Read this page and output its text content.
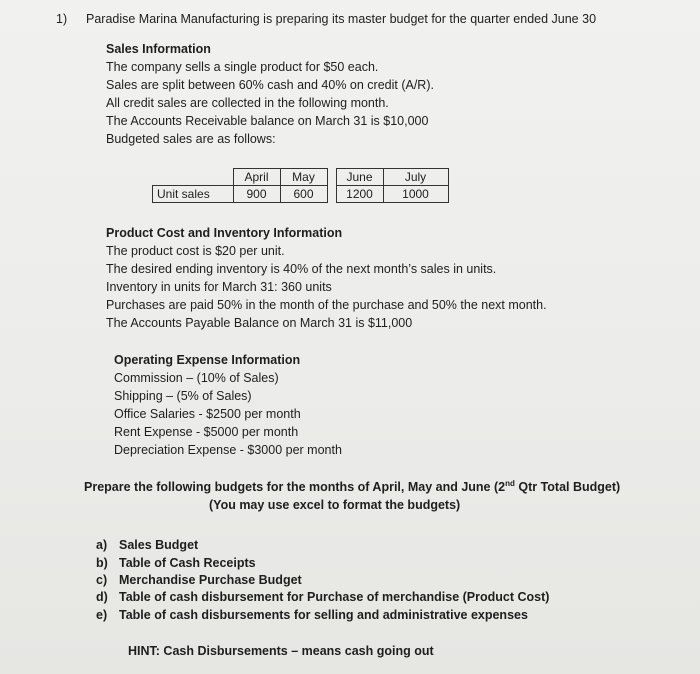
1) Paradise Marina Manufacturing is preparing its master budget for the quarter ended June 30
Sales Information
The company sells a single product for $50 each.
Sales are split between 60% cash and 40% on credit (A/R).
All credit sales are collected in the following month.
The Accounts Receivable balance on March 31 is $10,000
Budgeted sales are as follows:
	April	May		June	July
Unit sales	900	600		1200	1000
Product Cost and Inventory Information
The product cost is $20 per unit.
The desired ending inventory is 40% of the next month’s sales in units.
Inventory in units for March 31: 360 units
Purchases are paid 50% in the month of the purchase and 50% the next month.
The Accounts Payable Balance on March 31 is $11,000
Operating Expense Information
Commission – (10% of Sales)
Shipping – (5% of Sales)
Office Salaries - $2500 per month
Rent Expense - $5000 per month
Depreciation Expense - $3000 per month
Prepare the following budgets for the months of April, May and June (2nd Qtr Total Budget)
(You may use excel to format the budgets)
a) Sales Budget
b) Table of Cash Receipts
c) Merchandise Purchase Budget
d) Table of cash disbursement for Purchase of merchandise (Product Cost)
e) Table of cash disbursements for selling and administrative expenses
HINT: Cash Disbursements – means cash going out
